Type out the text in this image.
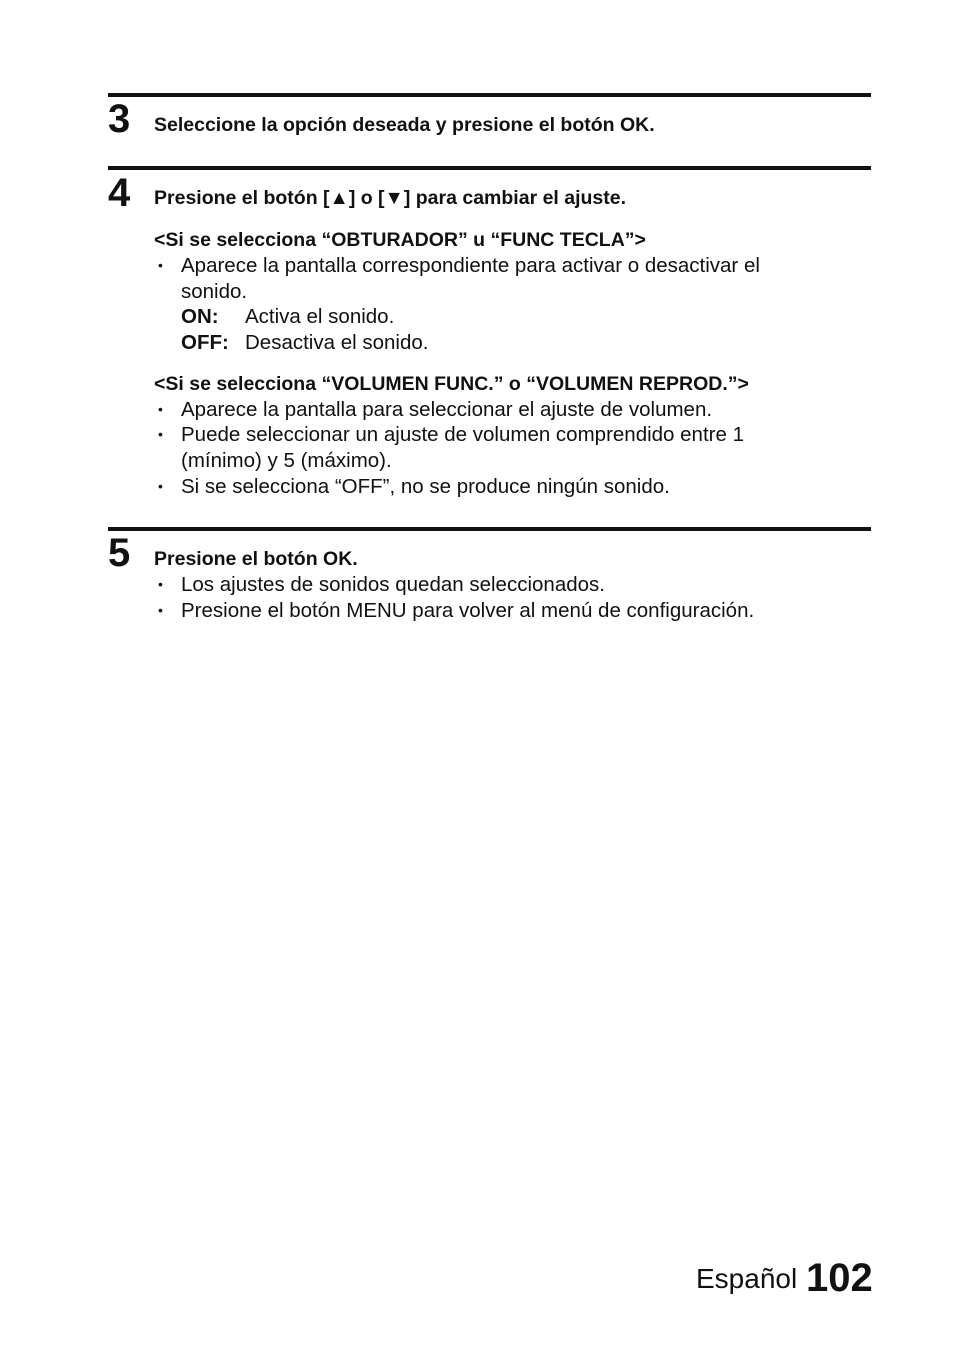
3 Seleccione la opción deseada y presione el botón OK.
4 Presione el botón [▲] o [▼] para cambiar el ajuste.
<Si se selecciona “OBTURADOR” u “FUNC TECLA”>
• Aparece la pantalla correspondiente para activar o desactivar el sonido.
ON: Activa el sonido.
OFF: Desactiva el sonido.
<Si se selecciona “VOLUMEN FUNC.” o “VOLUMEN REPROD.”>
• Aparece la pantalla para seleccionar el ajuste de volumen.
• Puede seleccionar un ajuste de volumen comprendido entre 1 (mínimo) y 5 (máximo).
• Si se selecciona “OFF”, no se produce ningún sonido.
5 Presione el botón OK.
• Los ajustes de sonidos quedan seleccionados.
• Presione el botón MENU para volver al menú de configuración.
Español 102
